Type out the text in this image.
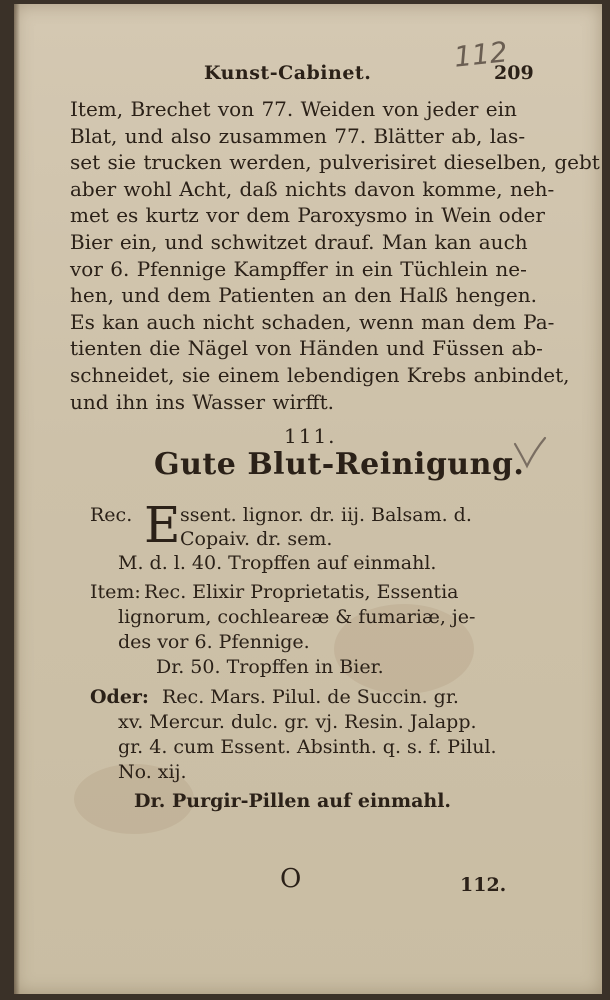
Kunst-Cabinet.	112
209
Item, Brechet von 77. Weiden von jeder ein
Blat, und also zusammen 77. Blätter ab, las-
set sie trucken werden, pulverisiret dieselben, gebt
aber wohl Acht, daß nichts davon komme, neh-
met es kurtz vor dem Paroxysmo in Wein oder
Bier ein, und schwitzet drauf. Man kan auch
vor 6. Pfennige Kampffer in ein Tüchlein ne-
hen, und dem Patienten an den Halß hengen.
Es kan auch nicht schaden, wenn man dem Pa-
tienten die Nägel von Händen und Füssen ab-
schneidet, sie einem lebendigen Krebs anbindet,
und ihn ins Wasser wirfft.
111.
Gute Blut-Reinigung.
Rec. E ssent. lignor. dr. iij. Balsam. d.
Copaiv. dr. sem.
M. d. l. 40. Tropffen auf einmahl.
Item: Rec. Elixir Proprietatis, Essentia
lignorum, cochleareæ & fumariæ, je-
des vor 6. Pfennige.
Dr. 50. Tropffen in Bier.
Oder: Rec. Mars. Pilul. de Succin. gr.
xv. Mercur. dulc. gr. vj. Resin. Jalapp.
gr. 4. cum Essent. Absinth. q. s. f. Pilul.
No. xij.
Dr. Purgir-Pillen auf einmahl.
O	112.
